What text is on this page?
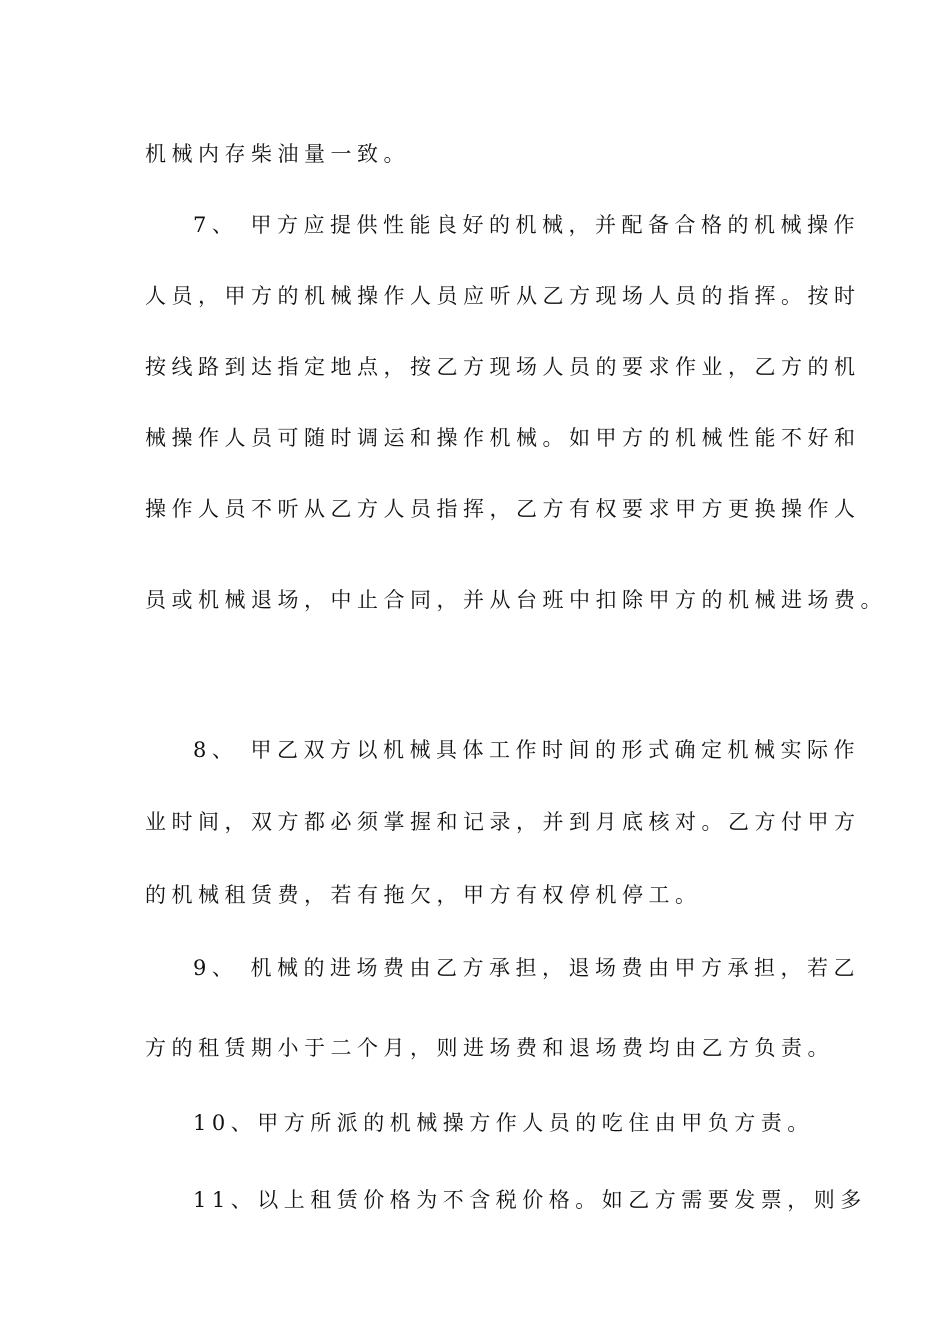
机械内存柴油量一致。
7、 甲方应提供性能良好的机械，并配备合格的机械操作
人员，甲方的机械操作人员应听从乙方现场人员的指挥。按时
按线路到达指定地点，按乙方现场人员的要求作业，乙方的机
械操作人员可随时调运和操作机械。如甲方的机械性能不好和
操作人员不听从乙方人员指挥，乙方有权要求甲方更换操作人
员或机械退场，中止合同，并从台班中扣除甲方的机械进场费。
8、 甲乙双方以机械具体工作时间的形式确定机械实际作
业时间，双方都必须掌握和记录，并到月底核对。乙方付甲方
的机械租赁费，若有拖欠，甲方有权停机停工。
9、 机械的进场费由乙方承担，退场费由甲方承担，若乙
方的租赁期小于二个月，则进场费和退场费均由乙方负责。
10、甲方所派的机械操方作人员的吃住由甲负方责。
11、以上租赁价格为不含税价格。如乙方需要发票，则多
